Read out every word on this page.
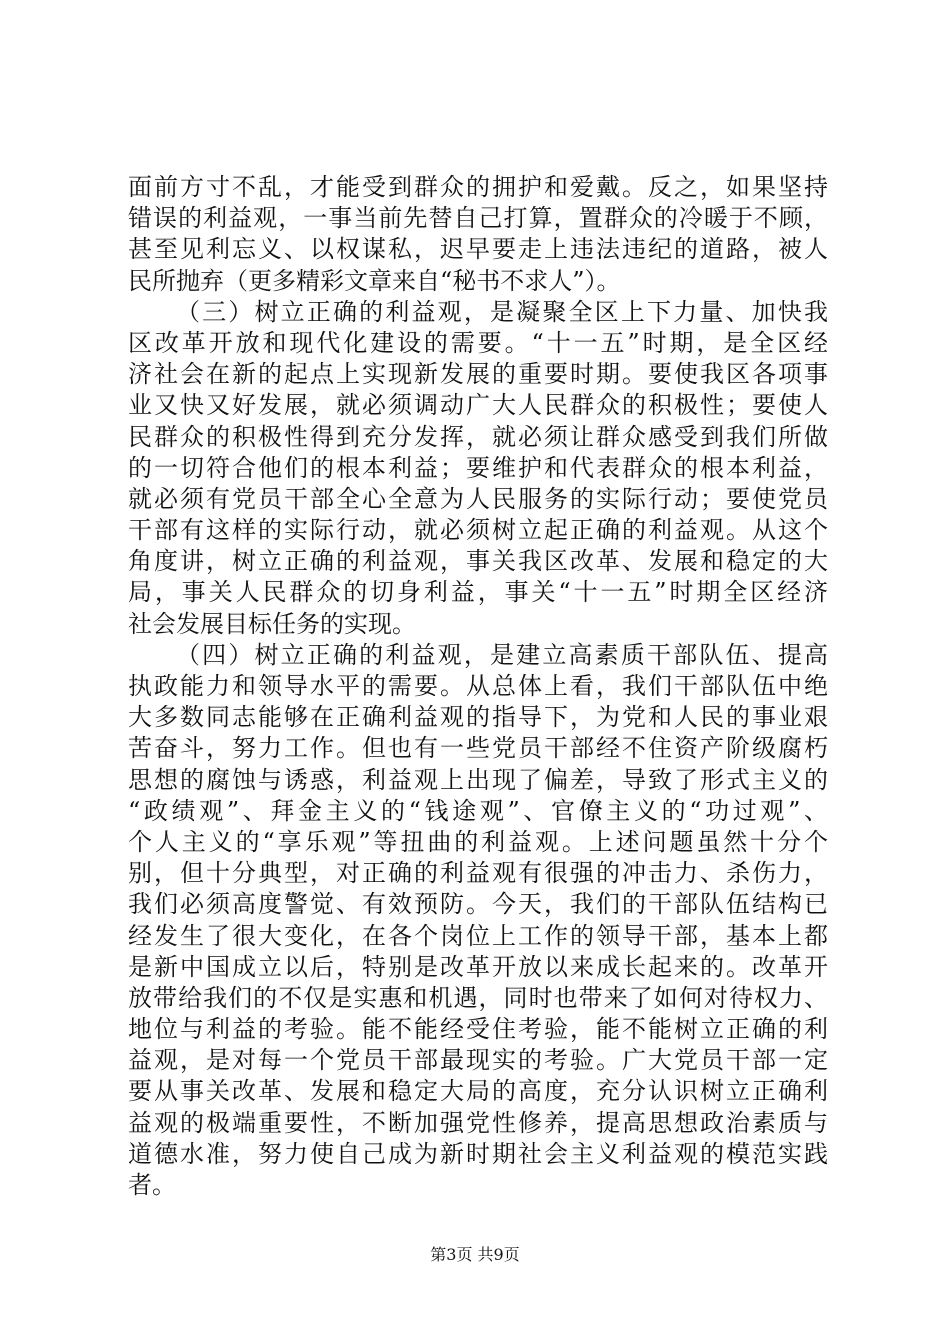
面前方寸不乱，才能受到群众的拥护和爱戴。反之，如果坚持
错误的利益观，一事当前先替自己打算，置群众的冷暖于不顾，
甚至见利忘义、以权谋私，迟早要走上违法违纪的道路，被人
民所抛弃（更多精彩文章来自“秘书不求人”）。
（三）树立正确的利益观，是凝聚全区上下力量、加快我
区改革开放和现代化建设的需要。“十一五”时期，是全区经
济社会在新的起点上实现新发展的重要时期。要使我区各项事
业又快又好发展，就必须调动广大人民群众的积极性；要使人
民群众的积极性得到充分发挥，就必须让群众感受到我们所做
的一切符合他们的根本利益；要维护和代表群众的根本利益，
就必须有党员干部全心全意为人民服务的实际行动；要使党员
干部有这样的实际行动，就必须树立起正确的利益观。从这个
角度讲，树立正确的利益观，事关我区改革、发展和稳定的大
局，事关人民群众的切身利益，事关“十一五”时期全区经济
社会发展目标任务的实现。
（四）树立正确的利益观，是建立高素质干部队伍、提高
执政能力和领导水平的需要。从总体上看，我们干部队伍中绝
大多数同志能够在正确利益观的指导下，为党和人民的事业艰
苦奋斗，努力工作。但也有一些党员干部经不住资产阶级腐朽
思想的腐蚀与诱惑，利益观上出现了偏差，导致了形式主义的
“政绩观”、拜金主义的“钱途观”、官僚主义的“功过观”、
个人主义的“享乐观”等扭曲的利益观。上述问题虽然十分个
别，但十分典型，对正确的利益观有很强的冲击力、杀伤力，
我们必须高度警觉、有效预防。今天，我们的干部队伍结构已
经发生了很大变化，在各个岗位上工作的领导干部，基本上都
是新中国成立以后，特别是改革开放以来成长起来的。改革开
放带给我们的不仅是实惠和机遇，同时也带来了如何对待权力、
地位与利益的考验。能不能经受住考验，能不能树立正确的利
益观，是对每一个党员干部最现实的考验。广大党员干部一定
要从事关改革、发展和稳定大局的高度，充分认识树立正确利
益观的极端重要性，不断加强党性修养，提高思想政治素质与
道德水准，努力使自己成为新时期社会主义利益观的模范实践
者。
第3页 共9页
